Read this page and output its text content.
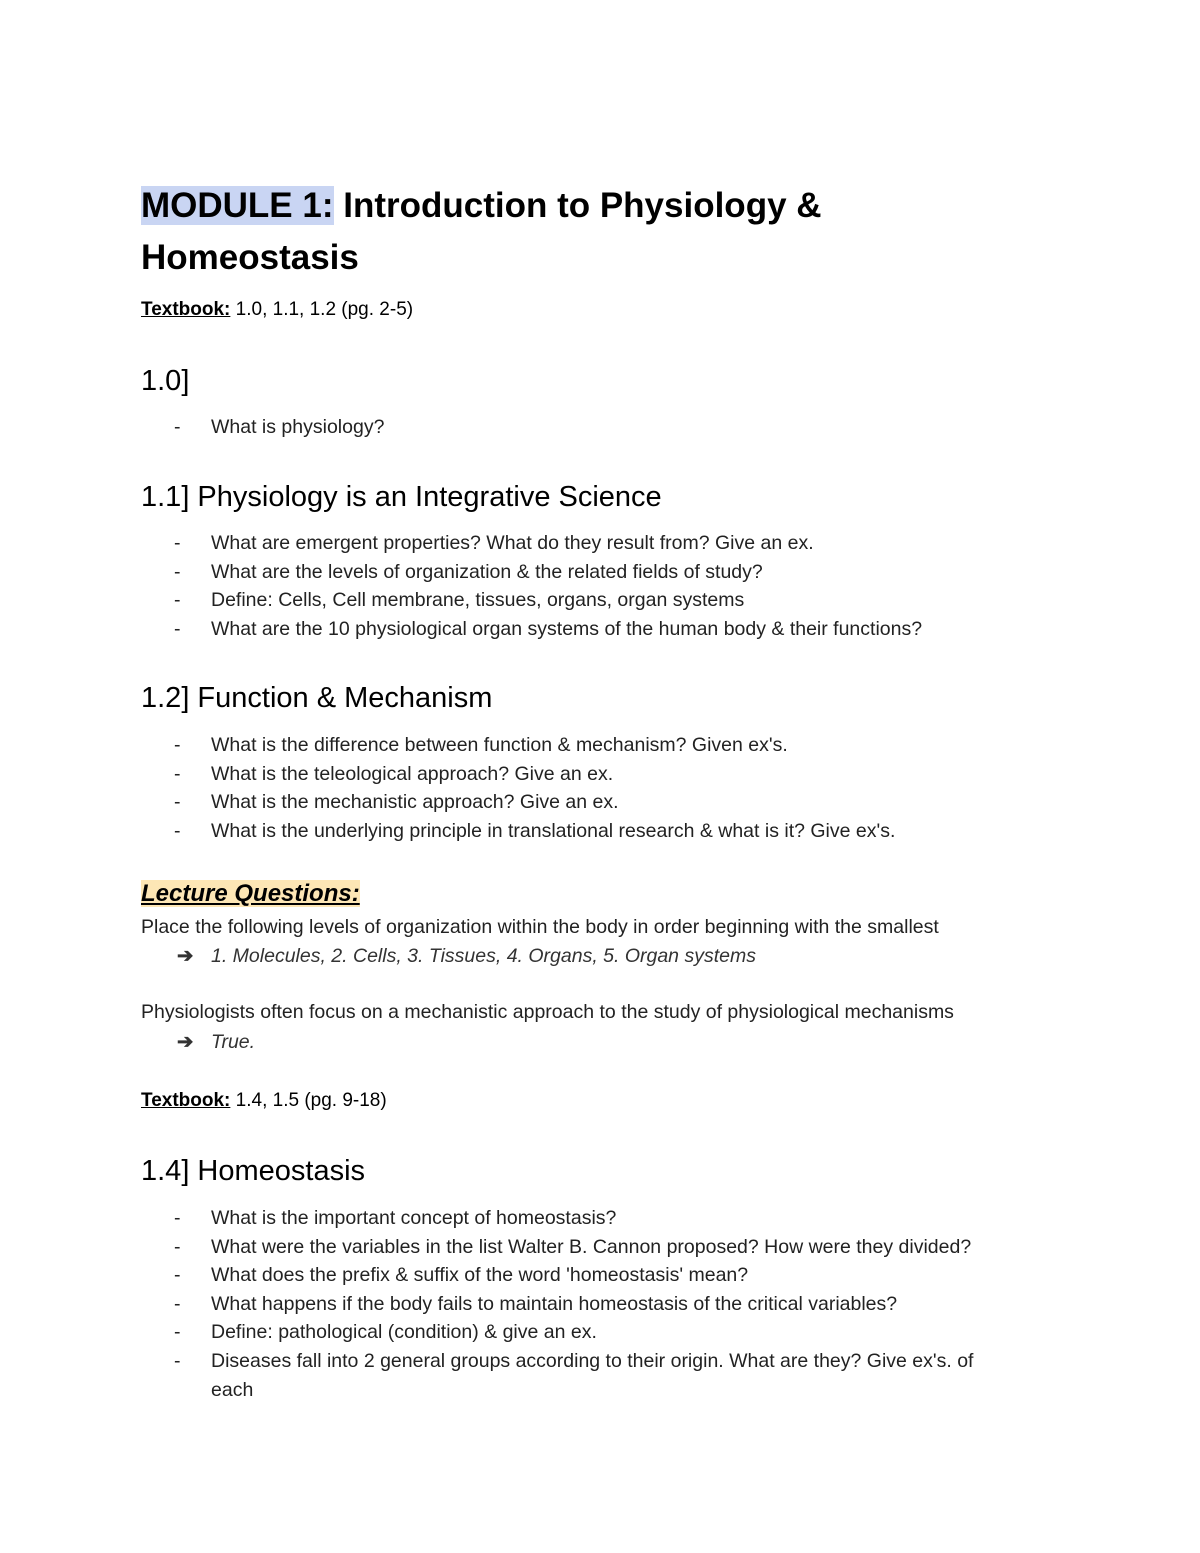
MODULE 1: Introduction to Physiology &
Homeostasis
Textbook: 1.0, 1.1, 1.2 (pg. 2-5)
1.0]
- What is physiology?
1.1] Physiology is an Integrative Science
- What are emergent properties? What do they result from? Give an ex.
- What are the levels of organization & the related fields of study?
- Define: Cells, Cell membrane, tissues, organs, organ systems
- What are the 10 physiological organ systems of the human body & their functions?
1.2] Function & Mechanism
- What is the difference between function & mechanism? Given ex's.
- What is the teleological approach? Give an ex.
- What is the mechanistic approach? Give an ex.
- What is the underlying principle in translational research & what is it? Give ex's.
Lecture Questions:
Place the following levels of organization within the body in order beginning with the smallest
➔ 1. Molecules, 2. Cells, 3. Tissues, 4. Organs, 5. Organ systems
Physiologists often focus on a mechanistic approach to the study of physiological mechanisms
➔ True.
Textbook: 1.4, 1.5 (pg. 9-18)
1.4] Homeostasis
- What is the important concept of homeostasis?
- What were the variables in the list Walter B. Cannon proposed? How were they divided?
- What does the prefix & suffix of the word 'homeostasis' mean?
- What happens if the body fails to maintain homeostasis of the critical variables?
- Define: pathological (condition) & give an ex.
- Diseases fall into 2 general groups according to their origin. What are they? Give ex's. of
each
